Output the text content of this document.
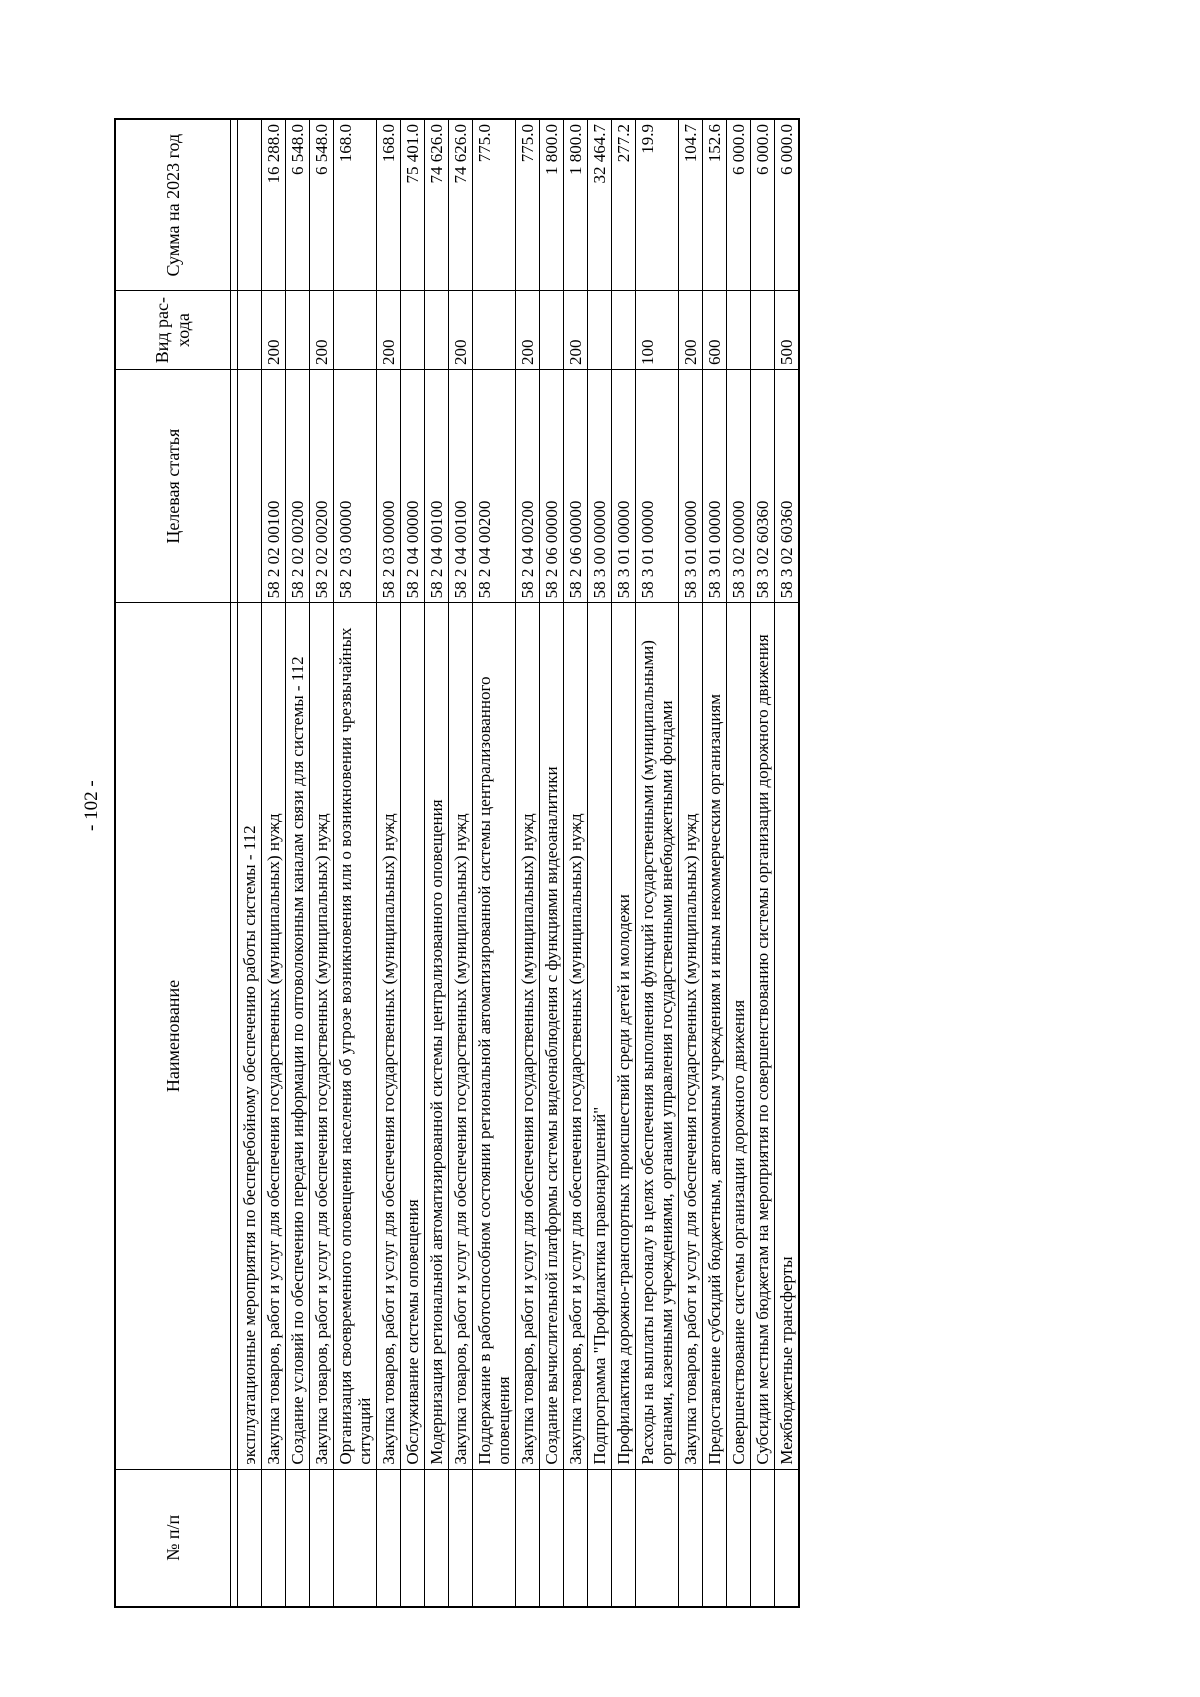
- 102 -
№ п/п	Наименование	Целевая статья	Вид рас-хода	Сумма на 2023 год

	эксплуатационные мероприятия по бесперебойному обеспечению работы системы - 112			
	Закупка товаров, работ и услуг для обеспечения государственных (муниципальных) нужд	58 2 02 00100	200	16 288.0
	Создание условий по обеспечению передачи информации по оптоволоконным каналам связи для системы - 112	58 2 02 00200		6 548.0
	Закупка товаров, работ и услуг для обеспечения государственных (муниципальных) нужд	58 2 02 00200	200	6 548.0
	Организация своевременного оповещения населения об угрозе возникновения или о возникновении чрезвычайных ситуаций	58 2 03 00000		168.0
	Закупка товаров, работ и услуг для обеспечения государственных (муниципальных) нужд	58 2 03 00000	200	168.0
	Обслуживание системы оповещения	58 2 04 00000		75 401.0
	Модернизация региональной автоматизированной системы централизованного оповещения	58 2 04 00100		74 626.0
	Закупка товаров, работ и услуг для обеспечения государственных (муниципальных) нужд	58 2 04 00100	200	74 626.0
	Поддержание в работоспособном состоянии региональной автоматизированной системы централизованного оповещения	58 2 04 00200		775.0
	Закупка товаров, работ и услуг для обеспечения государственных (муниципальных) нужд	58 2 04 00200	200	775.0
	Создание вычислительной платформы системы видеонаблюдения с функциями видеоаналитики	58 2 06 00000		1 800.0
	Закупка товаров, работ и услуг для обеспечения государственных (муниципальных) нужд	58 2 06 00000	200	1 800.0
	Подпрограмма "Профилактика правонарушений"	58 3 00 00000		32 464.7
	Профилактика дорожно-транспортных происшествий среди детей и молодежи	58 3 01 00000		277.2
	Расходы на выплаты персоналу в целях обеспечения выполнения функций государственными (муниципальными) органами, казенными учреждениями, органами управления государственными внебюджетными фондами	58 3 01 00000	100	19.9
	Закупка товаров, работ и услуг для обеспечения государственных (муниципальных) нужд	58 3 01 00000	200	104.7
	Предоставление субсидий бюджетным, автономным учреждениям и иным некоммерческим организациям	58 3 01 00000	600	152.6
	Совершенствование системы организации дорожного движения	58 3 02 00000		6 000.0
	Субсидии местным бюджетам на мероприятия по совершенствованию системы организации дорожного движения	58 3 02 60360		6 000.0
	Межбюджетные трансферты	58 3 02 60360	500	6 000.0
